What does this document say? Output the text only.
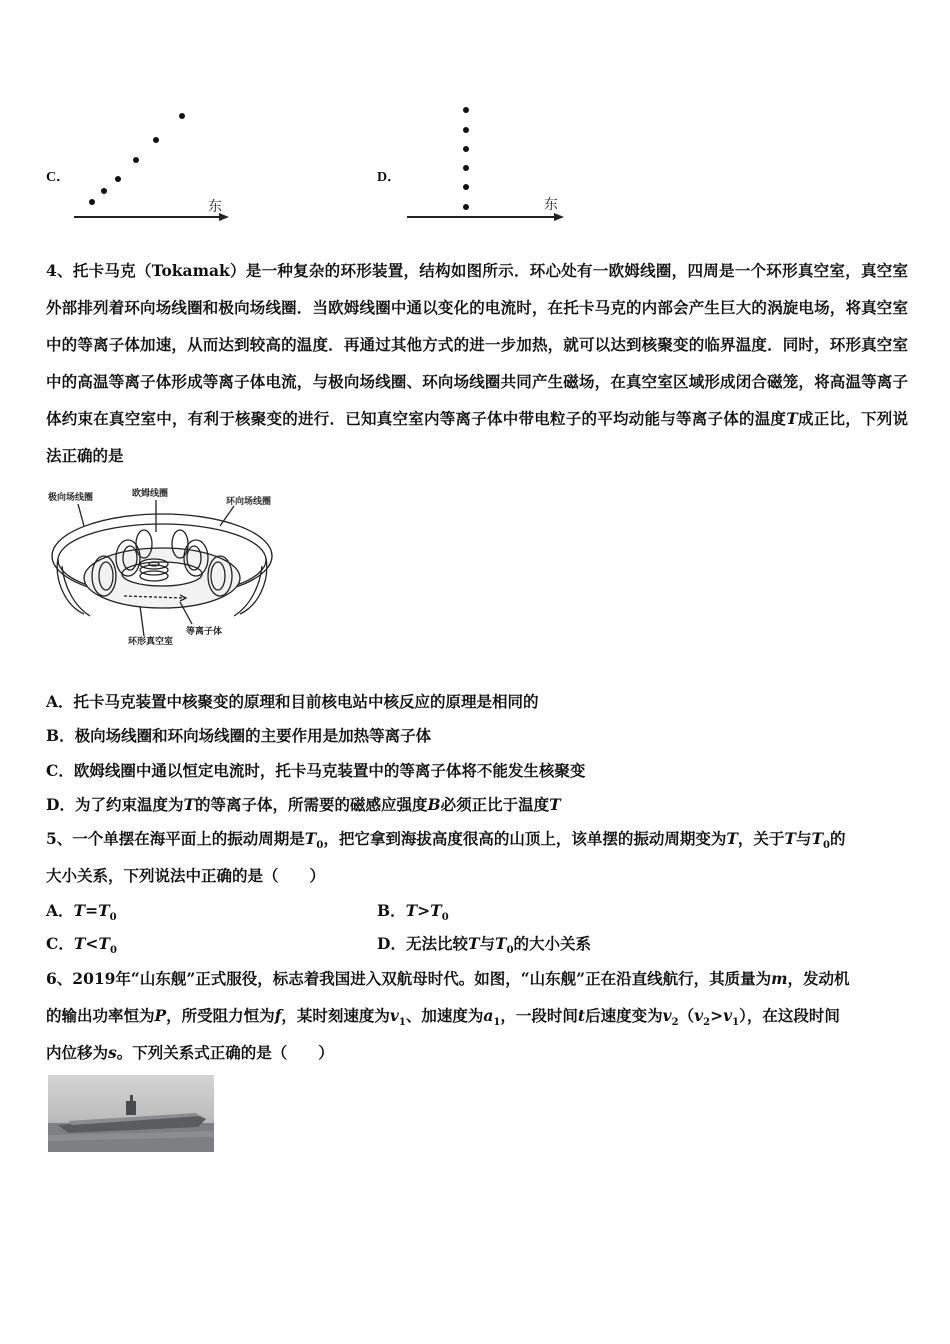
C．
东
D．
东
4、托卡马克（Tokamak）是一种复杂的环形装置，结构如图所示．环心处有一欧姆线圈，四周是一个环形真空室，真空室外部排列着环向场线圈和极向场线圈．当欧姆线圈中通以变化的电流时，在托卡马克的内部会产生巨大的涡旋电场，将真空室中的等离子体加速，从而达到较高的温度．再通过其他方式的进一步加热，就可以达到核聚变的临界温度．同时，环形真空室中的高温等离子体形成等离子体电流，与极向场线圈、环向场线圈共同产生磁场，在真空室区域形成闭合磁笼，将高温等离子体约束在真空室中，有利于核聚变的进行．已知真空室内等离子体中带电粒子的平均动能与等离子体的温度T成正比，下列说法正确的是
极向场线圈	欧姆线圈
环向场线圈
等离子体
环形真空室
A．托卡马克装置中核聚变的原理和目前核电站中核反应的原理是相同的
B．极向场线圈和环向场线圈的主要作用是加热等离子体
C．欧姆线圈中通以恒定电流时，托卡马克装置中的等离子体将不能发生核聚变
D．为了约束温度为T的等离子体，所需要的磁感应强度B必须正比于温度T
5、一个单摆在海平面上的振动周期是$T_0$，把它拿到海拔高度很高的山顶上，该单摆的振动周期变为T，关于T与$T_0$的
大小关系，下列说法中正确的是（　　）
A．$T=T_0$	B．$T>T_0$
C．$T<T_0$	D．无法比较T与$T_0$的大小关系
6、2019年“山东舰”正式服役，标志着我国进入双航母时代。如图，“山东舰”正在沿直线航行，其质量为m，发动机
的输出功率恒为P，所受阻力恒为f，某时刻速度为$v_1$、加速度为$a_1$，一段时间t后速度变为$v_2(v_2>v_1)$，在这段时间
内位移为s。下列关系式正确的是（　　）
